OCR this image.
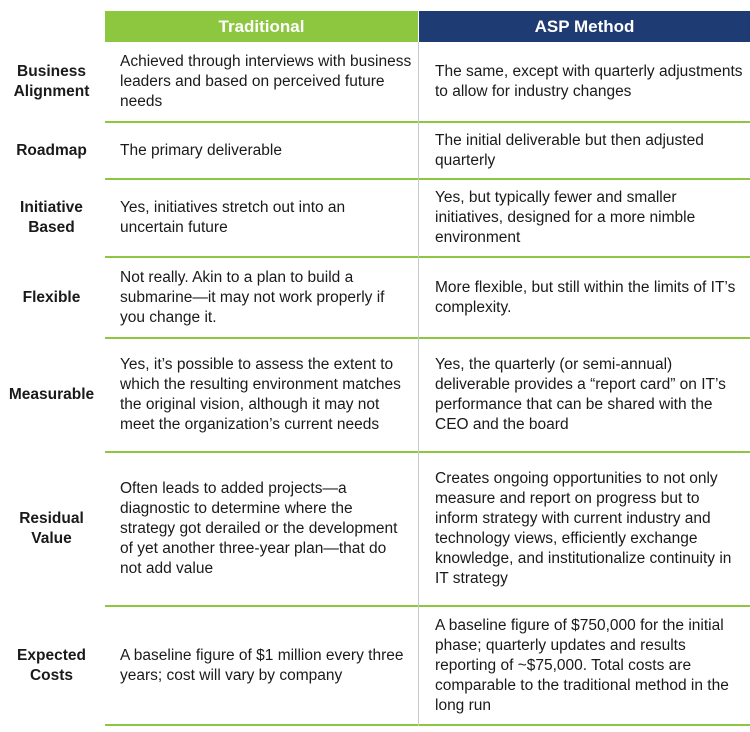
Traditional	ASP Method
Business Alignment
Achieved through interviews with business leaders and based on perceived future needs
The same, except with quarterly adjustments to allow for industry changes
Roadmap	The primary deliverable
The initial deliverable but then adjusted quarterly
Initiative Based
Yes, initiatives stretch out into an uncertain future
Yes, but typically fewer and smaller initiatives, designed for a more nimble environment
Flexible
Not really. Akin to a plan to build a submarine—it may not work properly if you change it.
More flexible, but still within the limits of IT’s complexity.
Measurable
Yes, it’s possible to assess the extent to which the resulting environment matches the original vision, although it may not meet the organization’s current needs
Yes, the quarterly (or semi-annual) deliverable provides a “report card” on IT’s performance that can be shared with the CEO and the board
Residual Value
Often leads to added projects—a diagnostic to determine where the strategy got derailed or the development of yet another three-year plan—that do not add value
Creates ongoing opportunities to not only measure and report on progress but to inform strategy with current industry and technology views, efficiently exchange knowledge, and institutionalize continuity in IT strategy
Expected Costs
A baseline figure of $1 million every three years; cost will vary by company
A baseline figure of $750,000 for the initial phase; quarterly updates and results reporting of ~$75,000. Total costs are comparable to the traditional method in the long run
